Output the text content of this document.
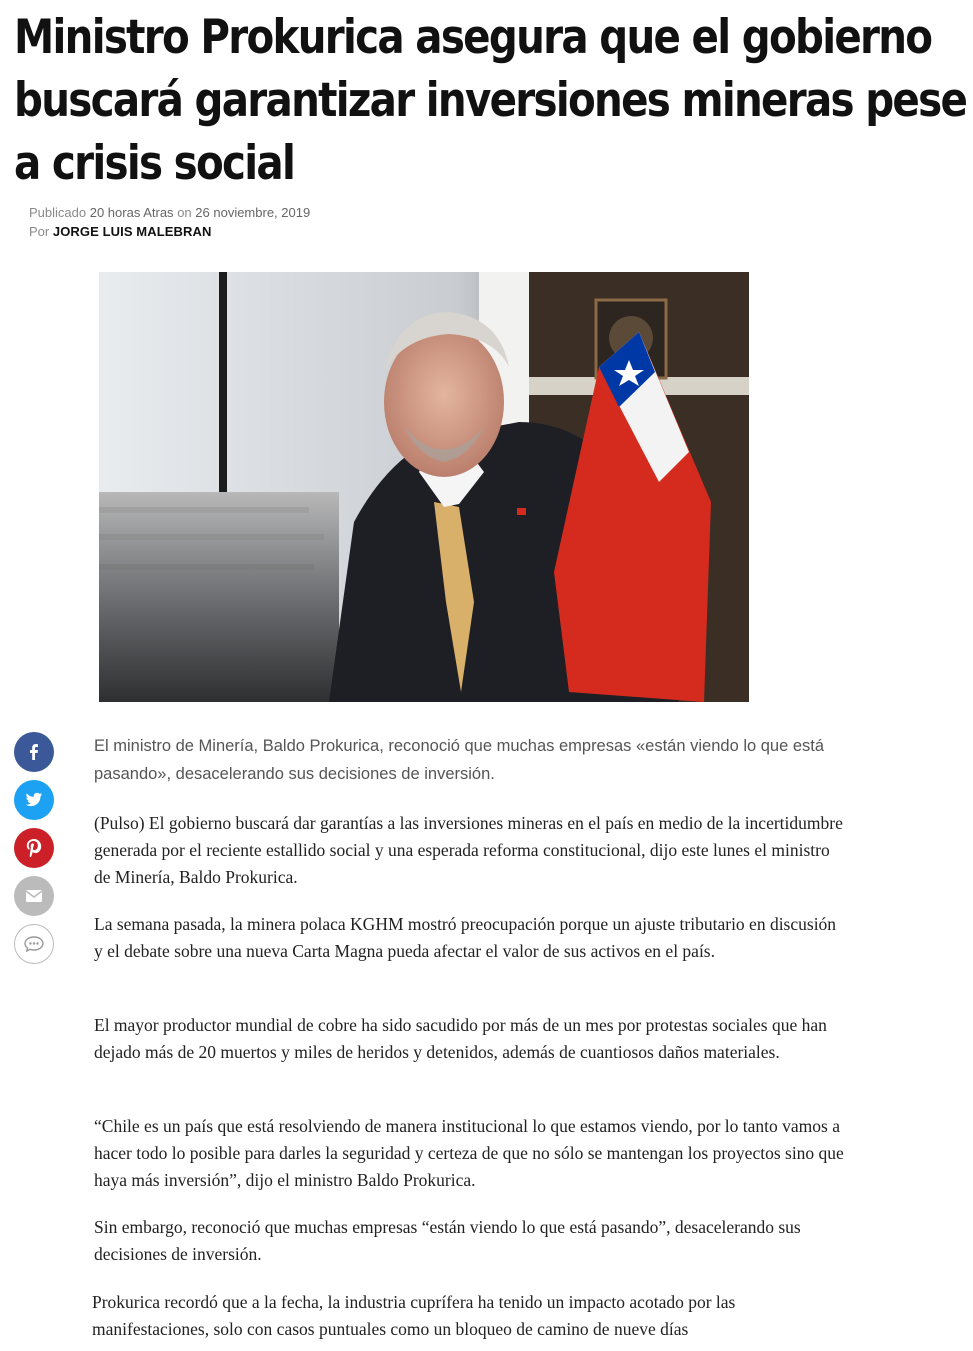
Ministro Prokurica asegura que el gobierno buscará garantizar inversiones mineras pese a crisis social
Publicado 20 horas Atras on 26 noviembre, 2019
Por JORGE LUIS MALEBRAN

El ministro de Minería, Baldo Prokurica, reconoció que muchas empresas «están viendo lo que está pasando», desacelerando sus decisiones de inversión.

(Pulso) El gobierno buscará dar garantías a las inversiones mineras en el país en medio de la incertidumbre generada por el reciente estallido social y una esperada reforma constitucional, dijo este lunes el ministro de Minería, Baldo Prokurica.

La semana pasada, la minera polaca KGHM mostró preocupación porque un ajuste tributario en discusión y el debate sobre una nueva Carta Magna pueda afectar el valor de sus activos en el país.

El mayor productor mundial de cobre ha sido sacudido por más de un mes por protestas sociales que han dejado más de 20 muertos y miles de heridos y detenidos, además de cuantiosos daños materiales.

“Chile es un país que está resolviendo de manera institucional lo que estamos viendo, por lo tanto vamos a hacer todo lo posible para darles la seguridad y certeza de que no sólo se mantengan los proyectos sino que haya más inversión”, dijo el ministro Baldo Prokurica.

Sin embargo, reconoció que muchas empresas “están viendo lo que está pasando”, desacelerando sus decisiones de inversión.

Prokurica recordó que a la fecha, la industria cuprífera ha tenido un impacto acotado por las manifestaciones, solo con casos puntuales como un bloqueo de camino de nueve días
